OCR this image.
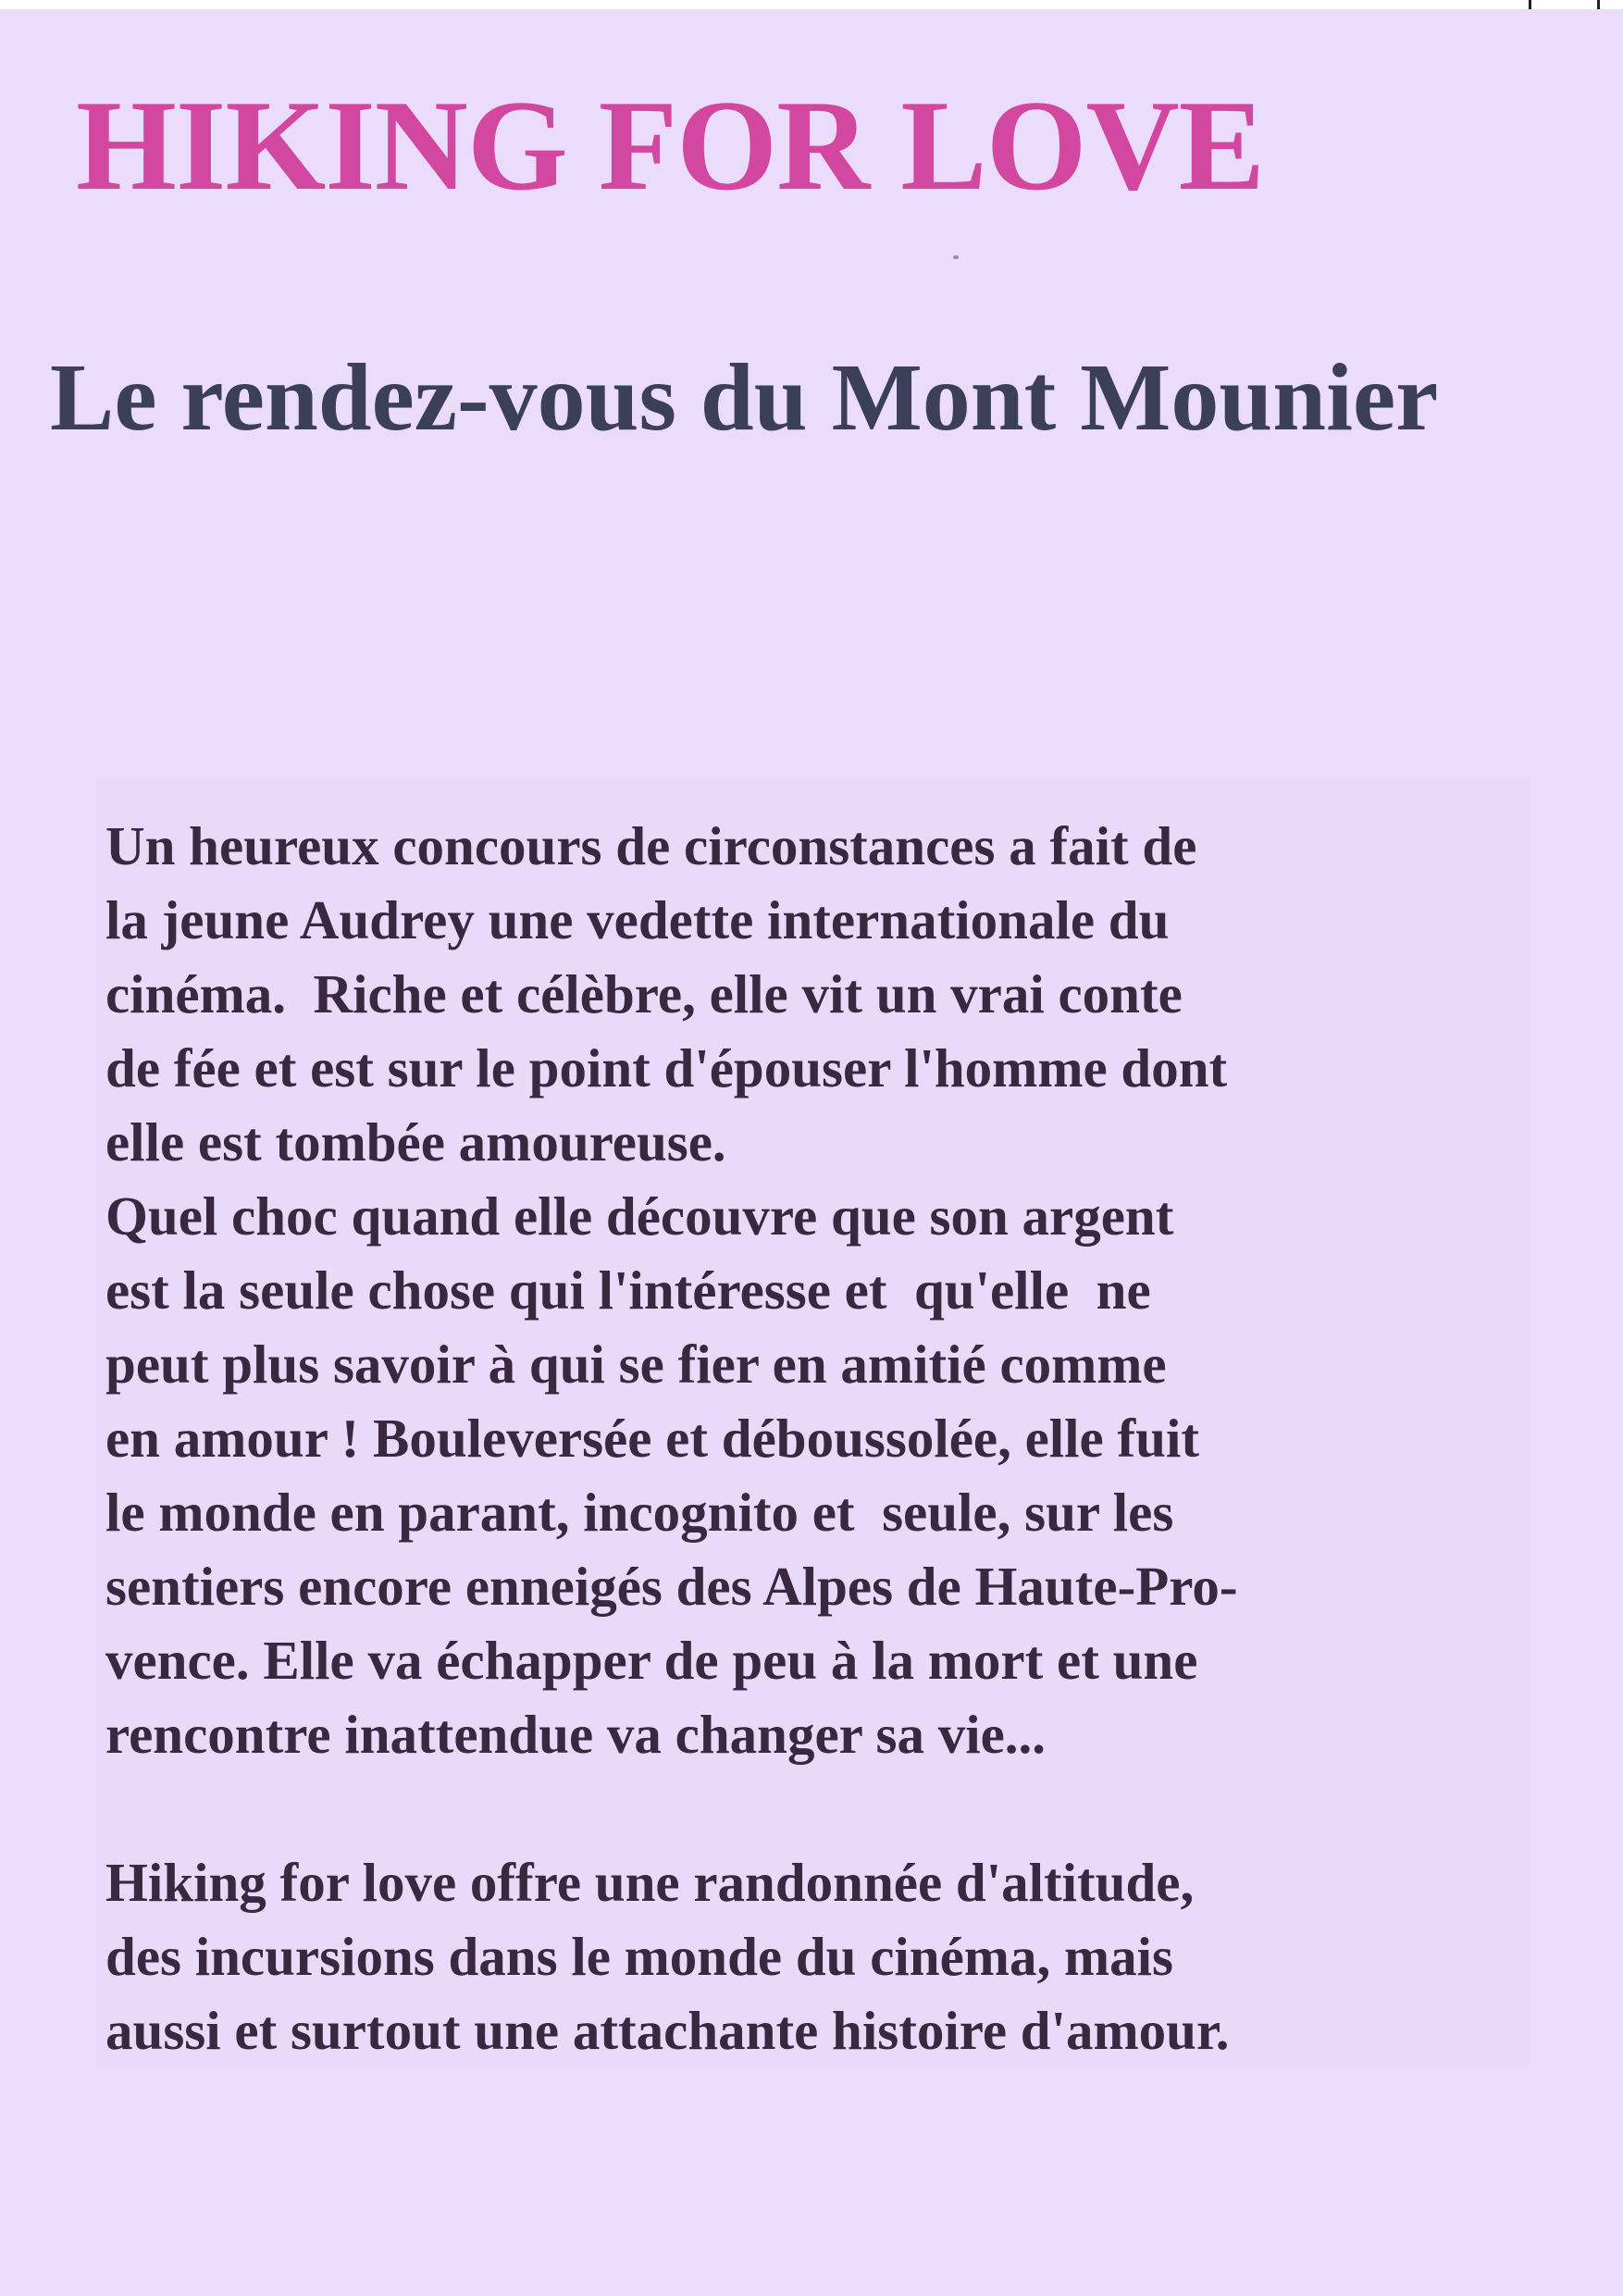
HIKING FOR LOVE
Le rendez-vous du Mont Mounier
Un heureux concours de circonstances a fait de
la jeune Audrey une vedette internationale du
cinéma.  Riche et célèbre, elle vit un vrai conte
de fée et est sur le point d'épouser l'homme dont
elle est tombée amoureuse.
Quel choc quand elle découvre que son argent
est la seule chose qui l'intéresse et  qu'elle  ne
peut plus savoir à qui se fier en amitié comme
en amour ! Bouleversée et déboussolée, elle fuit
le monde en parant, incognito et  seule, sur les
sentiers encore enneigés des Alpes de Haute-Pro-
vence. Elle va échapper de peu à la mort et une
rencontre inattendue va changer sa vie...
Hiking for love offre une randonnée d'altitude,
des incursions dans le monde du cinéma, mais
aussi et surtout une attachante histoire d'amour.
